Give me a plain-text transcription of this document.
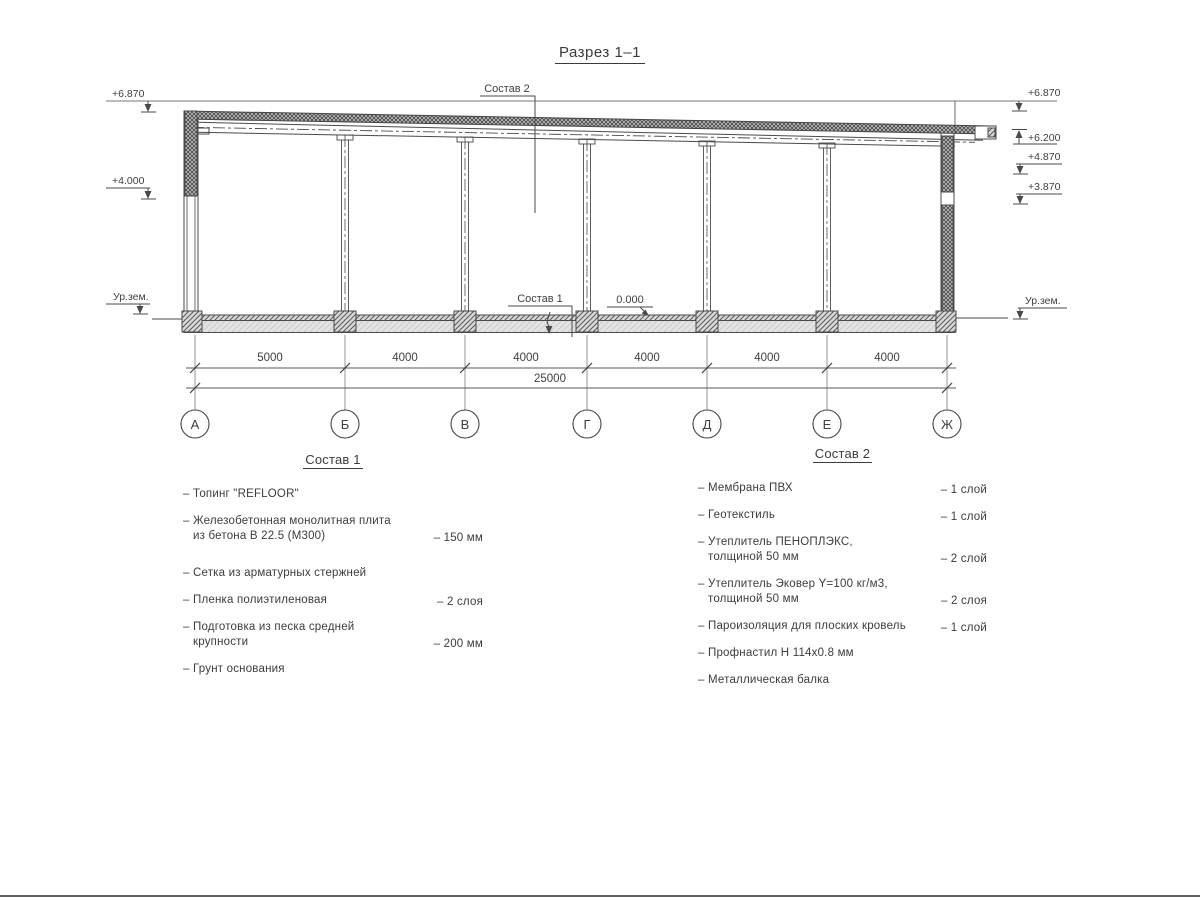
Разрез 1–1
Состав 2
Состав 1	0.000
+6.870
+4.000
Ур.зем.
+6.870
+6.200
+4.870
+3.870
Ур.зем.
5000	4000	4000	4000	4000	4000
25000
А	Б	В	Г	Д	Е	Ж
Состав 1
– Топинг "REFLOOR"
– Железобетонная монолитная плита
из бетона В 22.5 (М300)	– 150 мм
– Сетка из арматурных стержней
– Пленка полиэтиленовая	– 2 слоя
– Подготовка из песка средней
крупности	– 200 мм
– Грунт основания
Состав 2
– Мембрана ПВХ	– 1 слой
– Геотекстиль	– 1 слой
– Утеплитель ПЕНОПЛЭКС,
толщиной 50 мм	– 2 слой
– Утеплитель Эковер Y=100 кг/м3,
толщиной 50 мм	– 2 слоя
– Пароизоляция для плоских кровель	– 1 слой
– Профнастил Н 114х0.8 мм
– Металлическая балка
